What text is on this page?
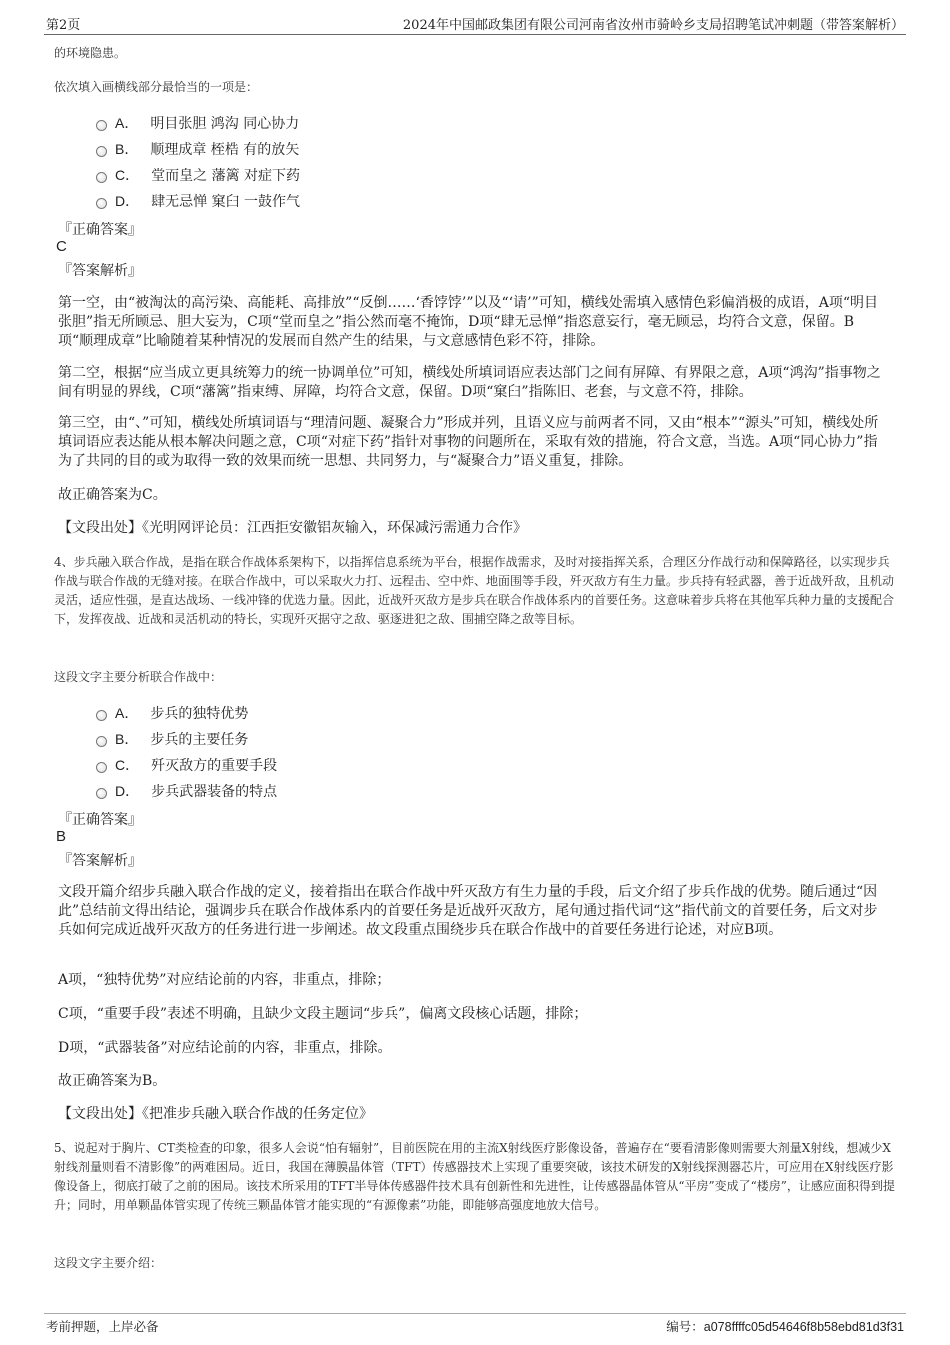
第2页	2024年中国邮政集团有限公司河南省汝州市骑岭乡支局招聘笔试冲刺题（带答案解析）
的环境隐患。
依次填入画横线部分最恰当的一项是：
A． 明目张胆 鸿沟 同心协力
B． 顺理成章 桎梏 有的放矢
C． 堂而皇之 藩篱 对症下药
D． 肆无忌惮 窠臼 一鼓作气
『正确答案』
C
『答案解析』
第一空，由“被淘汰的高污染、高能耗、高排放”“反倒……‘香饽饽’”以及“‘请’”可知，横线处需填入感情色彩偏消极的成语，A项“明目张胆”指无所顾忌、胆大妄为，C项“堂而皇之”指公然而毫不掩饰，D项“肆无忌惮”指恣意妄行，毫无顾忌，均符合文意，保留。B项“顺理成章”比喻随着某种情况的发展而自然产生的结果，与文意感情色彩不符，排除。
第二空，根据“应当成立更具统筹力的统一协调单位”可知，横线处所填词语应表达部门之间有屏障、有界限之意，A项“鸿沟”指事物之间有明显的界线，C项“藩篱”指束缚、屏障，均符合文意，保留。D项“窠臼”指陈旧、老套，与文意不符，排除。
第三空，由“、”可知，横线处所填词语与“理清问题、凝聚合力”形成并列，且语义应与前两者不同，又由“根本”“源头”可知，横线处所填词语应表达能从根本解决问题之意，C项“对症下药”指针对事物的问题所在，采取有效的措施，符合文意，当选。A项“同心协力”指为了共同的目的或为取得一致的效果而统一思想、共同努力，与“凝聚合力”语义重复，排除。
故正确答案为C。
【文段出处】《光明网评论员：江西拒安徽铝灰输入，环保减污需通力合作》
4、步兵融入联合作战，是指在联合作战体系架构下，以指挥信息系统为平台，根据作战需求，及时对接指挥关系，合理区分作战行动和保障路径，以实现步兵作战与联合作战的无缝对接。在联合作战中，可以采取火力打、远程击、空中炸、地面围等手段，歼灭敌方有生力量。步兵持有轻武器，善于近战歼敌，且机动灵活，适应性强，是直达战场、一线冲锋的优选力量。因此，近战歼灭敌方是步兵在联合作战体系内的首要任务。这意味着步兵将在其他军兵种力量的支援配合下，发挥夜战、近战和灵活机动的特长，实现歼灭据守之敌、驱逐进犯之敌、围捕空降之敌等目标。
这段文字主要分析联合作战中：
A． 步兵的独特优势
B． 步兵的主要任务
C． 歼灭敌方的重要手段
D． 步兵武器装备的特点
『正确答案』
B
『答案解析』
文段开篇介绍步兵融入联合作战的定义，接着指出在联合作战中歼灭敌方有生力量的手段，后文介绍了步兵作战的优势。随后通过“因此”总结前文得出结论，强调步兵在联合作战体系内的首要任务是近战歼灭敌方，尾句通过指代词“这”指代前文的首要任务，后文对步兵如何完成近战歼灭敌方的任务进行进一步阐述。故文段重点围绕步兵在联合作战中的首要任务进行论述，对应B项。
A项，“独特优势”对应结论前的内容，非重点，排除；
C项，“重要手段”表述不明确，且缺少文段主题词“步兵”，偏离文段核心话题，排除；
D项，“武器装备”对应结论前的内容，非重点，排除。
故正确答案为B。
【文段出处】《把准步兵融入联合作战的任务定位》
5、说起对于胸片、CT类检查的印象，很多人会说“怕有辐射”，目前医院在用的主流X射线医疗影像设备，普遍存在“要看清影像则需要大剂量X射线，想减少X射线剂量则看不清影像”的两难困局。近日，我国在薄膜晶体管（TFT）传感器技术上实现了重要突破，该技术研发的X射线探测器芯片，可应用在X射线医疗影像设备上，彻底打破了之前的困局。该技术所采用的TFT半导体传感器件技术具有创新性和先进性，让传感器晶体管从“平房”变成了“楼房”，让感应面积得到提升；同时，用单颗晶体管实现了传统三颗晶体管才能实现的“有源像素”功能，即能够高强度地放大信号。
这段文字主要介绍：
考前押题，上岸必备	编号：a078ffffc05d54646f8b58ebd81d3f31
